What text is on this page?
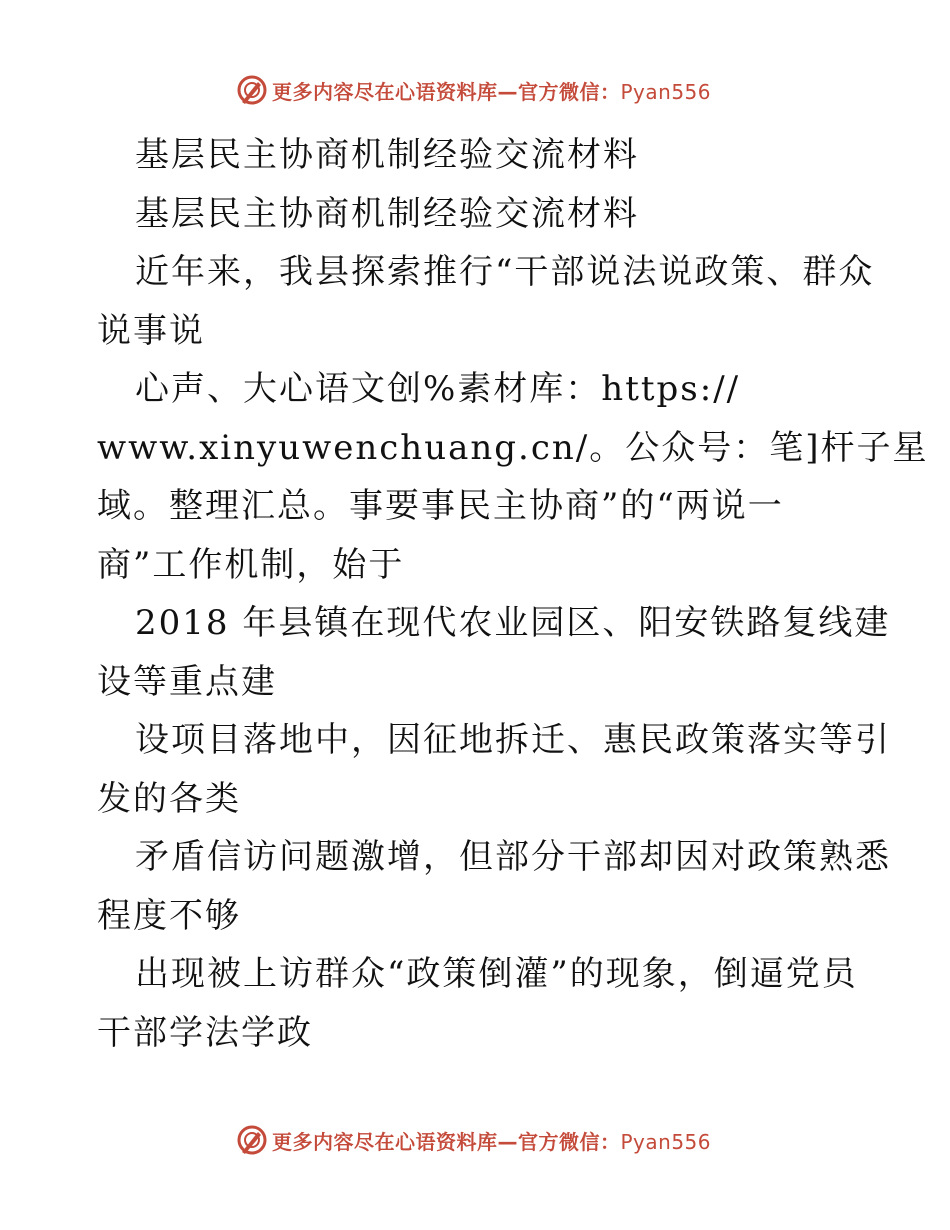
更多内容尽在心语资料库—官方微信：Pyan556

基层民主协商机制经验交流材料

基层民主协商机制经验交流材料

近年来，我县探索推行“干部说法说政策、群众

说事说

心声、大心语文创%素材库：https://

www.xinyuwenchuang.cn/。公众号：笔]杆子星

域。整理汇总。事要事民主协商”的“两说一

商”工作机制，始于

2018 年县镇在现代农业园区、阳安铁路复线建

设等重点建

设项目落地中，因征地拆迁、惠民政策落实等引

发的各类

矛盾信访问题激增，但部分干部却因对政策熟悉

程度不够

出现被上访群众“政策倒灌”的现象，倒逼党员

干部学法学政

更多内容尽在心语资料库—官方微信：Pyan556
